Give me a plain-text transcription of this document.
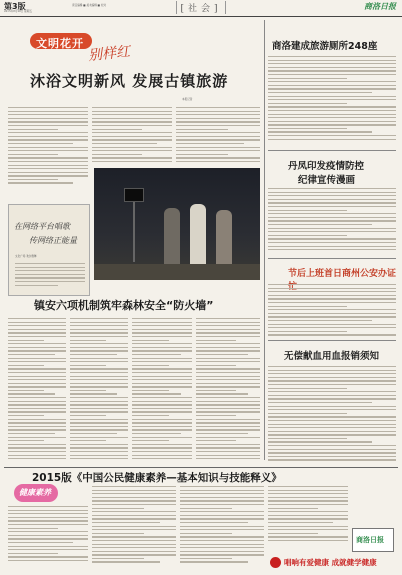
第3版
2015年8月28日 星期五
责任编辑 ■ 美术编辑 ■ 校对	[社会]	商洛日报
文明花开
别样红
沐浴文明新风 发展古镇旅游
本报记者
在网络平台唱歌
传网络正能量
文化广场 欢乐歌舞
镇安六项机制筑牢森林安全“防火墙”
商洛建成旅游厕所248座
丹凤印发疫情防控
纪律宣传漫画
节后上班首日商州公安办证
无偿献血用血报销须知
2015版《中国公民健康素养—基本知识与技能释义》
健康素养
商洛日报
唱响有爱健康 成就健学健康
